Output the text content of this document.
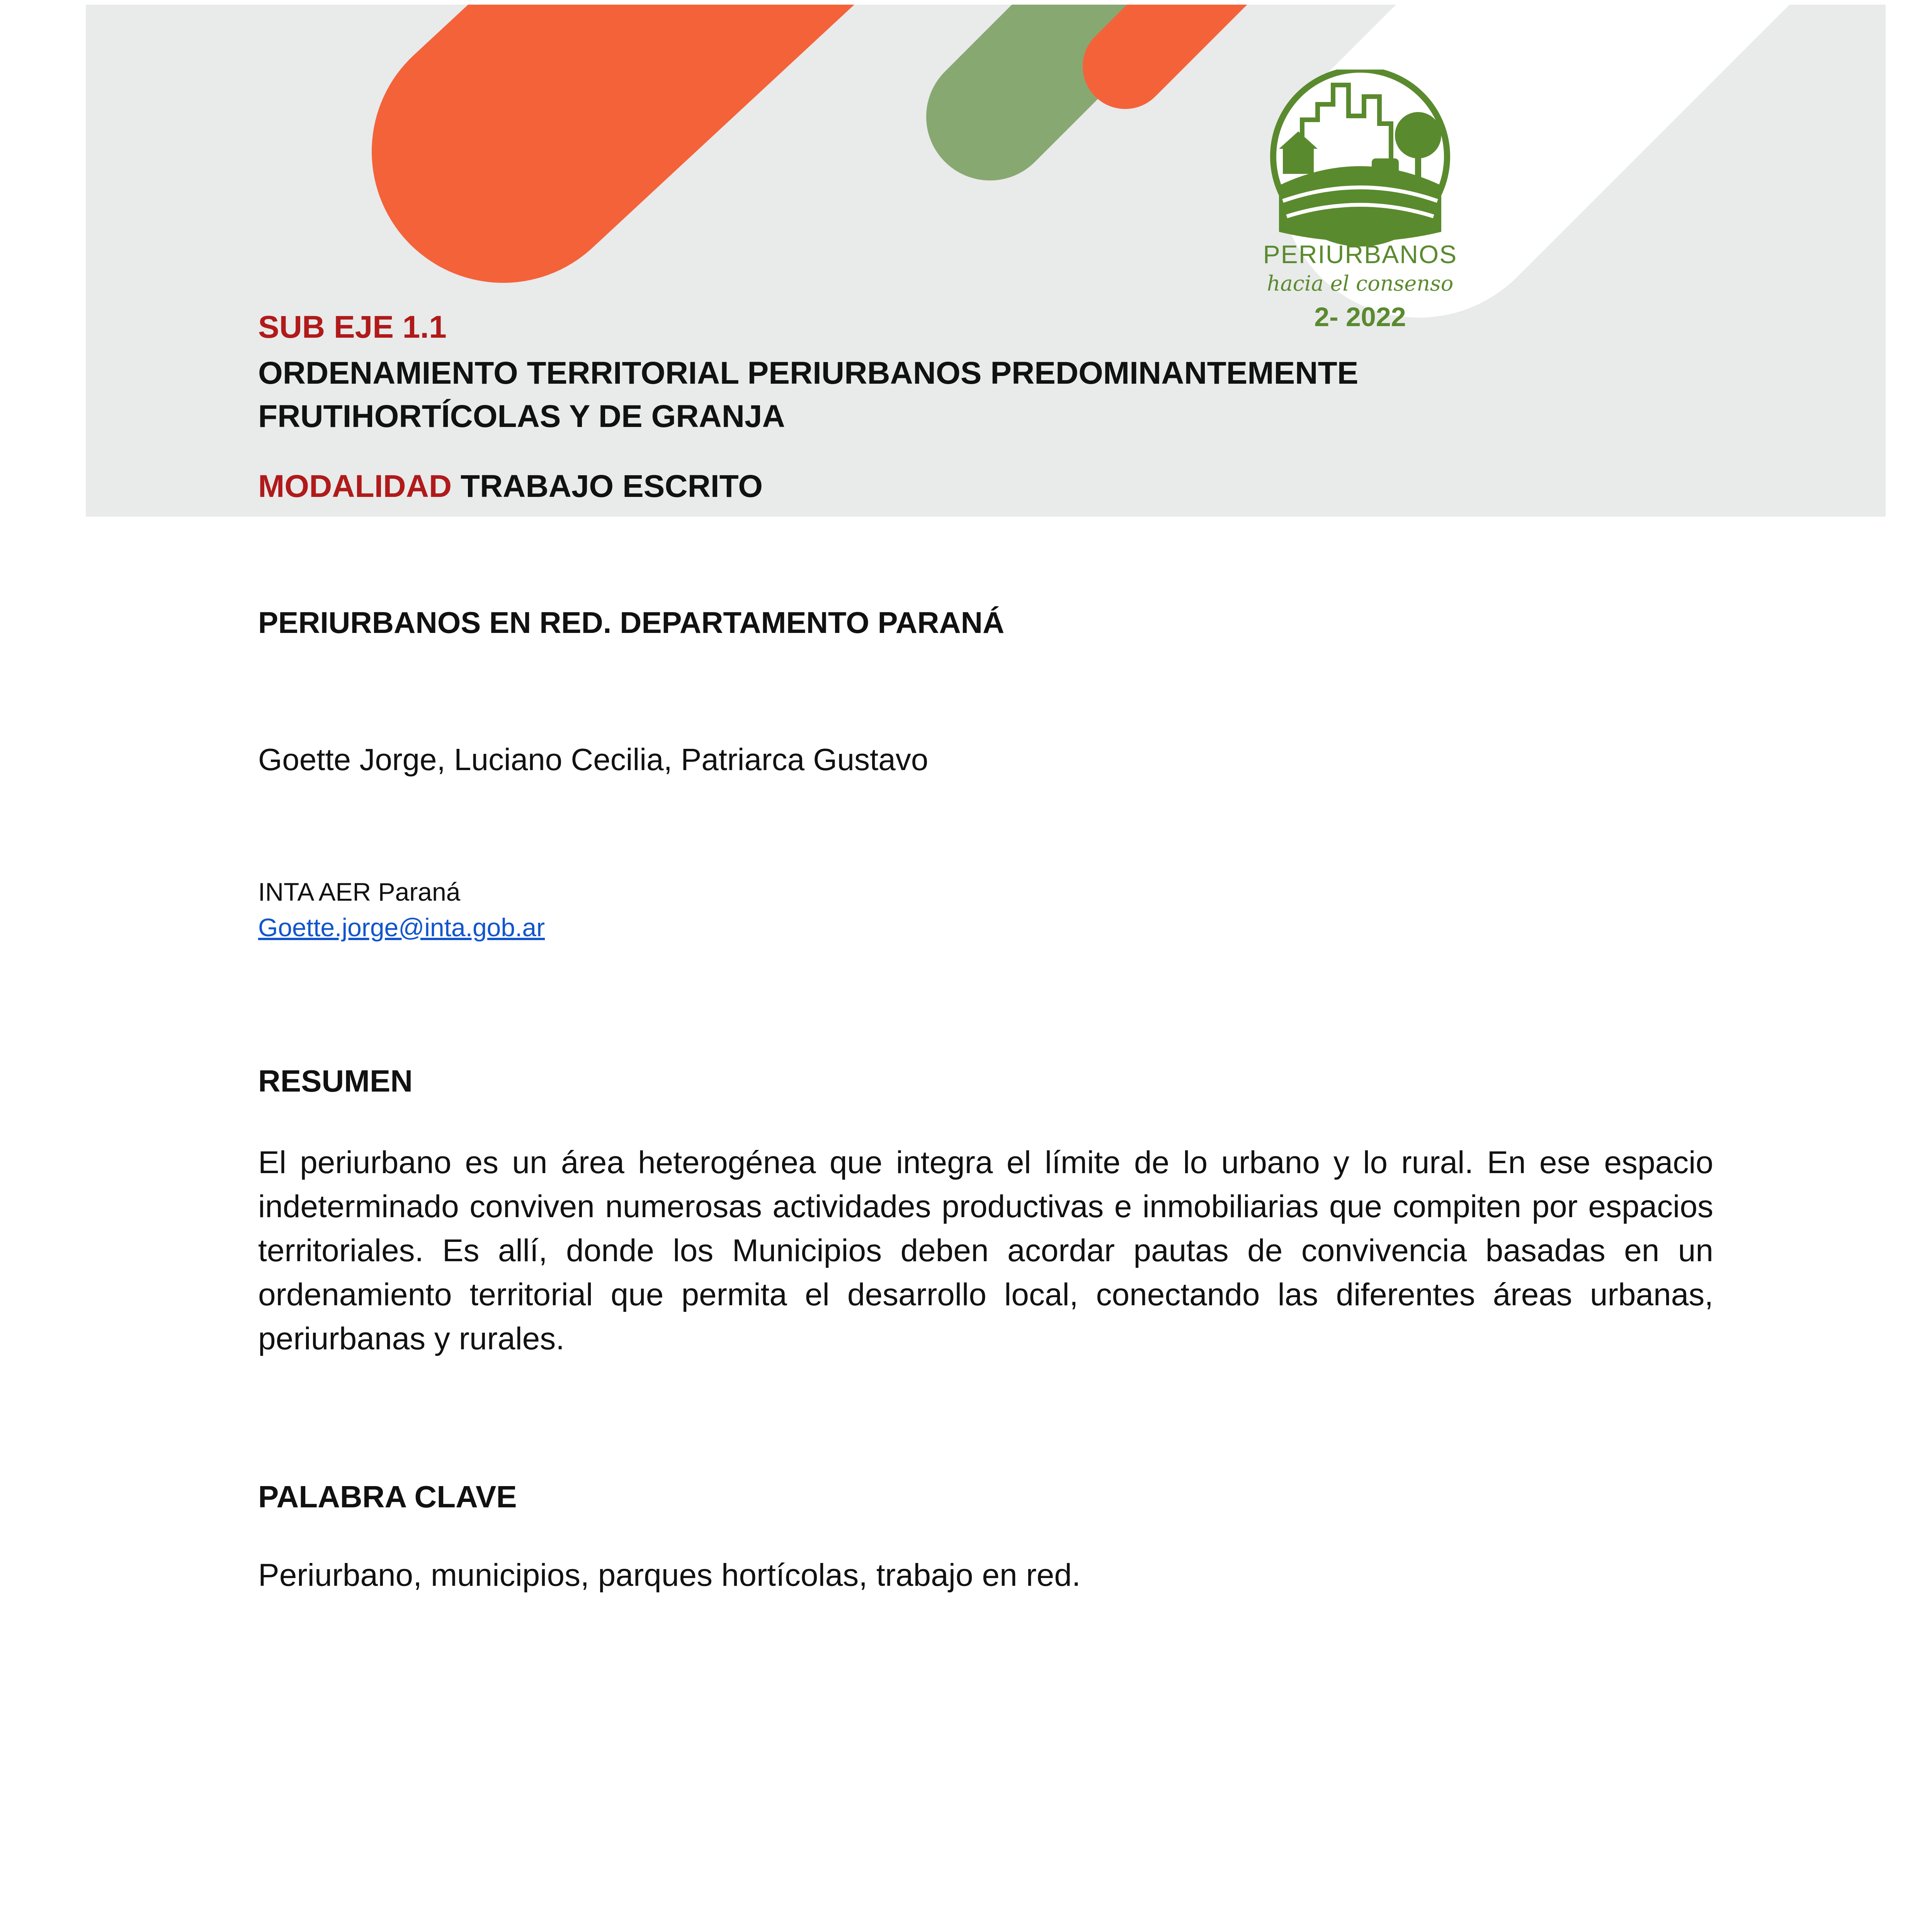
PERIURBANOS
hacia el consenso
2- 2022
SUB EJE 1.1
ORDENAMIENTO TERRITORIAL PERIURBANOS PREDOMINANTEMENTE FRUTIHORTÍCOLAS Y DE GRANJA
MODALIDAD TRABAJO ESCRITO
PERIURBANOS EN RED. DEPARTAMENTO PARANÁ
Goette Jorge, Luciano Cecilia, Patriarca Gustavo
INTA AER Paraná
Goette.jorge@inta.gob.ar
RESUMEN

El periurbano es un área heterogénea que integra el límite de lo urbano y lo rural. En ese espacio indeterminado conviven numerosas actividades productivas e inmobiliarias que compiten por espacios territoriales. Es allí, donde los Municipios deben acordar pautas de convivencia basadas en un ordenamiento territorial que permita el desarrollo local, conectando las diferentes áreas urbanas, periurbanas y rurales.

PALABRA CLAVE
Periurbano, municipios, parques hortícolas, trabajo en red.
